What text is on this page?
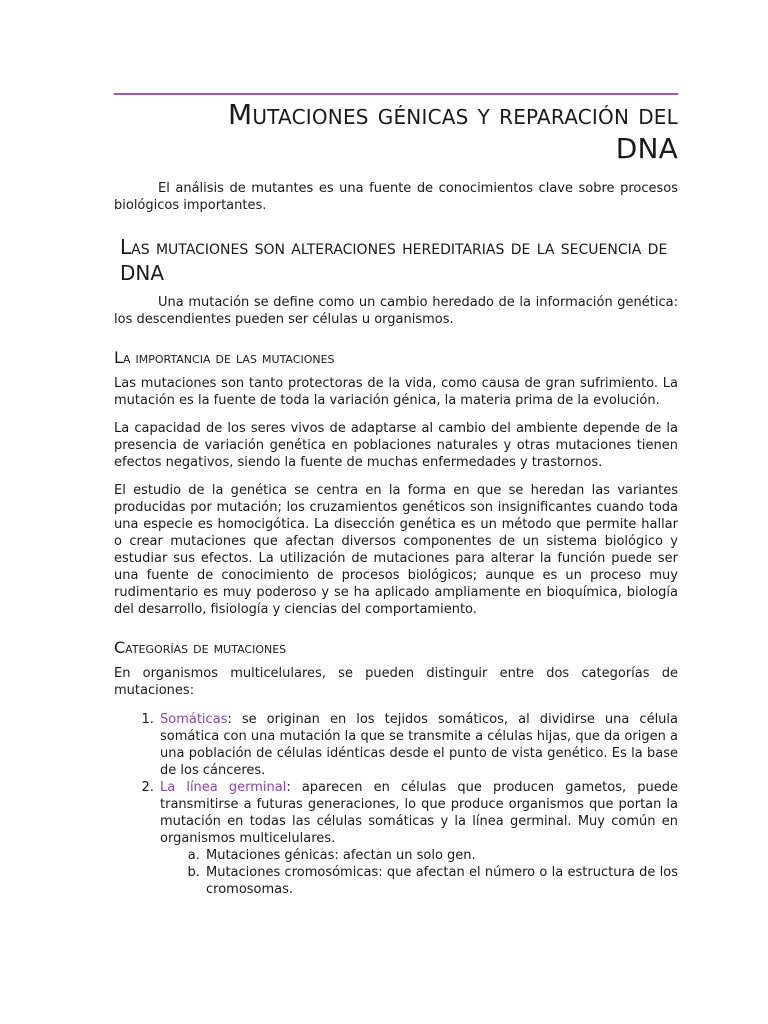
Mutaciones génicas y reparación del
DNA

El análisis de mutantes es una fuente de conocimientos clave sobre procesos biológicos importantes.

Las mutaciones son alteraciones hereditarias de la secuencia de DNA

Una mutación se define como un cambio heredado de la información genética: los descendientes pueden ser células u organismos.

La importancia de las mutaciones

Las mutaciones son tanto protectoras de la vida, como causa de gran sufrimiento. La mutación es la fuente de toda la variación génica, la materia prima de la evolución.

La capacidad de los seres vivos de adaptarse al cambio del ambiente depende de la presencia de variación genética en poblaciones naturales y otras mutaciones tienen efectos negativos, siendo la fuente de muchas enfermedades y trastornos.

El estudio de la genética se centra en la forma en que se heredan las variantes producidas por mutación; los cruzamientos genéticos son insignificantes cuando toda una especie es homocigótica. La disección genética es un método que permite hallar o crear mutaciones que afectan diversos componentes de un sistema biológico y estudiar sus efectos. La utilización de mutaciones para alterar la función puede ser una fuente de conocimiento de procesos biológicos; aunque es un proceso muy rudimentario es muy poderoso y se ha aplicado ampliamente en bioquímica, biología del desarrollo, fisiología y ciencias del comportamiento.

Categorías de mutaciones

En organismos multicelulares, se pueden distinguir entre dos categorías de mutaciones:

1. Somáticas: se originan en los tejidos somáticos, al dividirse una célula somática con una mutación la que se transmite a células hijas, que da origen a una población de células idénticas desde el punto de vista genético. Es la base de los cánceres.
2. La línea germinal: aparecen en células que producen gametos, puede transmitirse a futuras generaciones, lo que produce organismos que portan la mutación en todas las células somáticas y la línea germinal. Muy común en organismos multicelulares.
a. Mutaciones génicas: afectan un solo gen.
b. Mutaciones cromosómicas: que afectan el número o la estructura de los cromosomas.
